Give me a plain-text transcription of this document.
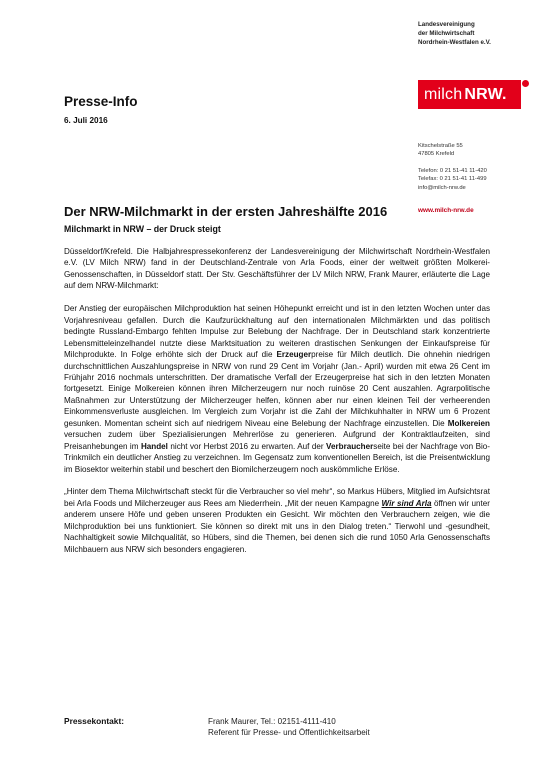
Landesvereinigung
der Milchwirtschaft
Nordrhein-Westfalen e.V.
milch NRW.
Kitschelstraße 55
47805 Krefeld
Telefon: 0 21 51-41 11-420
Telefax: 0 21 51-41 11-499
info@milch-nrw.de
www.milch-nrw.de
Presse-Info
6. Juli 2016
Der NRW-Milchmarkt in der ersten Jahreshälfte 2016
Milchmarkt in NRW – der Druck steigt

Düsseldorf/Krefeld. Die Halbjahrespressekonferenz der Landesvereinigung der Milchwirtschaft Nordrhein-Westfalen e.V. (LV Milch NRW) fand in der Deutschland-Zentrale von Arla Foods, einer der weltweit größten Molkerei-Genossenschaften, in Düsseldorf statt. Der Stv. Geschäftsführer der LV Milch NRW, Frank Maurer, erläuterte die Lage auf dem NRW-Milchmarkt:

Der Anstieg der europäischen Milchproduktion hat seinen Höhepunkt erreicht und ist in den letzten Wochen unter das Vorjahresniveau gefallen. Durch die Kaufzurückhaltung auf den internationalen Milchmärkten und das politisch bedingte Russland-Embargo fehlten Impulse zur Belebung der Nachfrage. Der in Deutschland stark konzentrierte Lebensmitteleinzelhandel nutzte diese Marktsituation zu weiteren drastischen Senkungen der Einkaufspreise für Milchprodukte. In Folge erhöhte sich der Druck auf die Erzeugerpreise für Milch deutlich. Die ohnehin niedrigen durchschnittlichen Auszahlungspreise in NRW von rund 29 Cent im Vorjahr (Jan.- April) wurden mit etwa 26 Cent im Frühjahr 2016 nochmals unterschritten. Der dramatische Verfall der Erzeugerpreise hat sich in den letzten Monaten fortgesetzt. Einige Molkereien können ihren Milcherzeugern nur noch ruinöse 20 Cent auszahlen. Agrarpolitische Maßnahmen zur Unterstützung der Milcherzeuger helfen, können aber nur einen kleinen Teil der verheerenden Einkommensverluste ausgleichen. Im Vergleich zum Vorjahr ist die Zahl der Milchkuhhalter in NRW um 6 Prozent gesunken. Momentan scheint sich auf niedrigem Niveau eine Belebung der Nachfrage einzustellen. Die Molkereien versuchen zudem über Spezialisierungen Mehrerlöse zu generieren. Aufgrund der Kontraktlaufzeiten, sind Preisanhebungen im Handel nicht vor Herbst 2016 zu erwarten. Auf der Verbraucherseite bei der Nachfrage von Bio-Trinkmilch ein deutlicher Anstieg zu verzeichnen. Im Gegensatz zum konventionellen Bereich, ist die Preisentwicklung im Biosektor weiterhin stabil und beschert den Biomilcherzeugern noch auskömmliche Erlöse.

„Hinter dem Thema Milchwirtschaft steckt für die Verbraucher so viel mehr“, so Markus Hübers, Mitglied im Aufsichtsrat bei Arla Foods und Milcherzeuger aus Rees am Niederrhein. „Mit der neuen Kampagne Wir sind Arla öffnen wir unter anderem unsere Höfe und geben unseren Produkten ein Gesicht. Wir möchten den Verbrauchern zeigen, wie die Milchproduktion bei uns funktioniert. Sie können so direkt mit uns in den Dialog treten.“ Tierwohl und -gesundheit, Nachhaltigkeit sowie Milchqualität, so Hübers, sind die Themen, bei denen sich die rund 1050 Arla Genossenschafts Milchbauern aus NRW sich besonders engagieren.

Pressekontakt:	Frank Maurer, Tel.: 02151-4111-410
Referent für Presse- und Öffentlichkeitsarbeit
